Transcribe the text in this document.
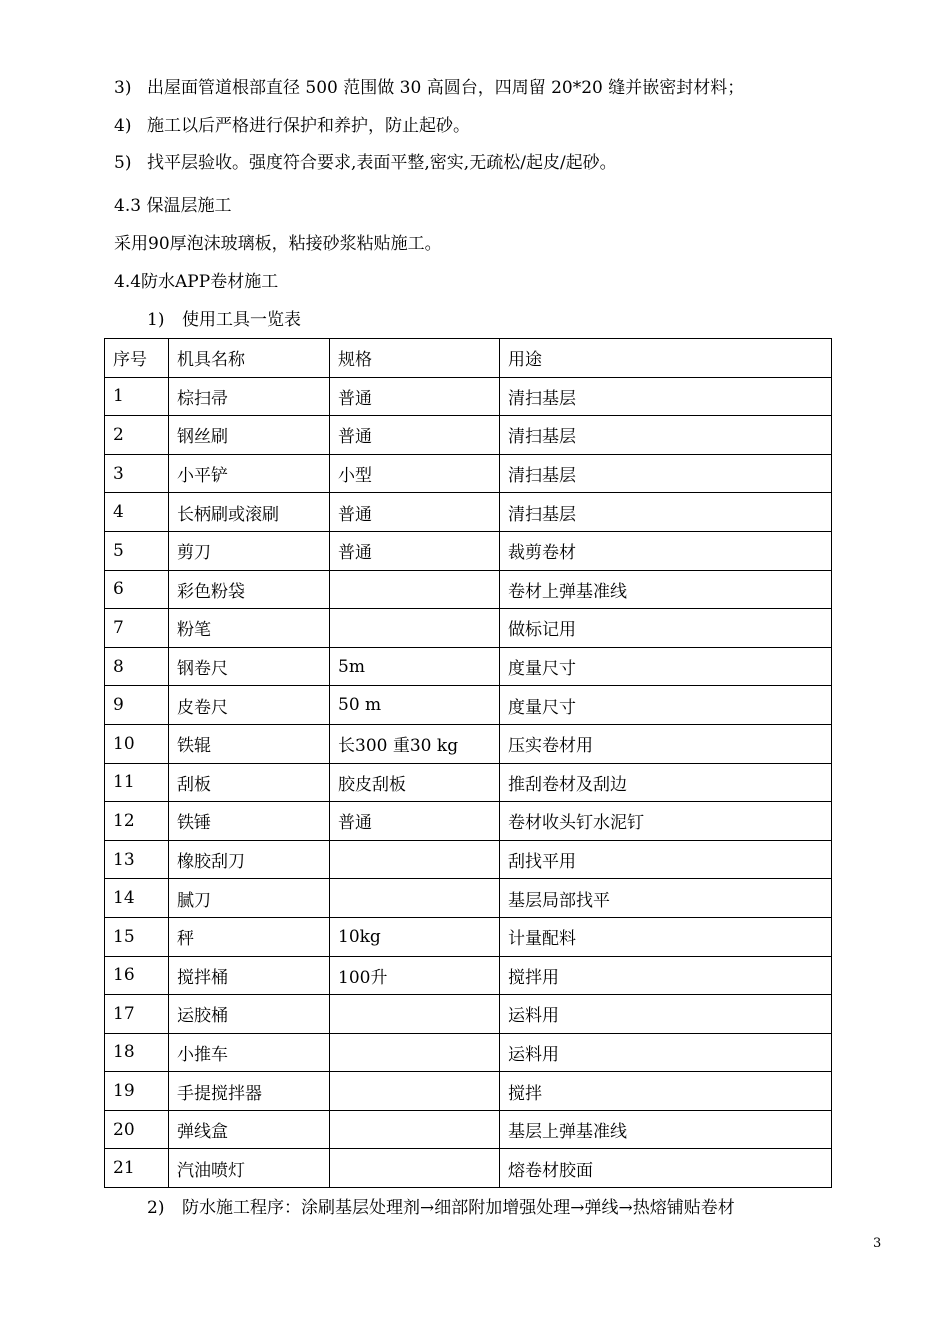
3) 出屋面管道根部直径 500 范围做 30 高圆台，四周留 20*20 缝并嵌密封材料；
4) 施工以后严格进行保护和养护，防止起砂。
5) 找平层验收。强度符合要求,表面平整,密实,无疏松/起皮/起砂。
4.3 保温层施工
采用90厚泡沫玻璃板，粘接砂浆粘贴施工。
4.4防水APP卷材施工
1) 使用工具一览表
序号	机具名称	规格	用途
1	棕扫帚	普通	清扫基层
2	钢丝刷	普通	清扫基层
3	小平铲	小型	清扫基层
4	长柄刷或滚刷	普通	清扫基层
5	剪刀	普通	裁剪卷材
6	彩色粉袋		卷材上弹基准线
7	粉笔		做标记用
8	钢卷尺	5m	度量尺寸
9	皮卷尺	50 m	度量尺寸
10	铁辊	长300 重30 kg	压实卷材用
11	刮板	胶皮刮板	推刮卷材及刮边
12	铁锤	普通	卷材收头钉水泥钉
13	橡胶刮刀		刮找平用
14	腻刀		基层局部找平
15	秤	10kg	计量配料
16	搅拌桶	100升	搅拌用
17	运胶桶		运料用
18	小推车		运料用
19	手提搅拌器		搅拌
20	弹线盒		基层上弹基准线
21	汽油喷灯		熔卷材胶面
2) 防水施工程序：涂刷基层处理剂→细部附加增强处理→弹线→热熔铺贴卷材
3
